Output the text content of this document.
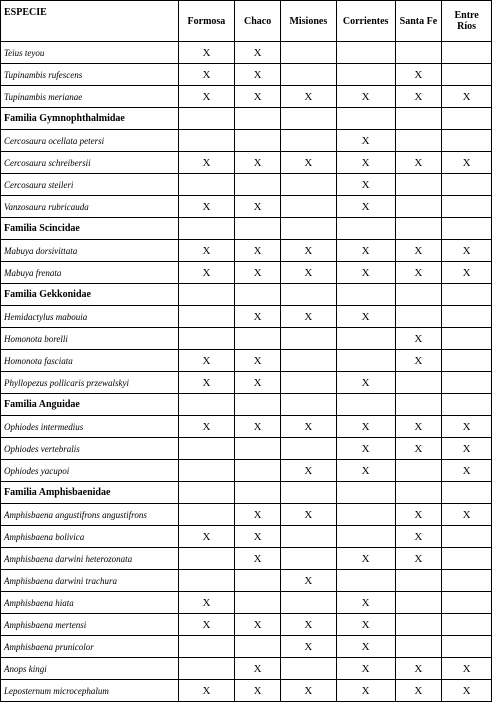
ESPECIE	Formosa	Chaco	Misiones	Corrientes	Santa Fe	Entre Ríos
Teius teyou	X	X				
Tupinambis rufescens	X	X			X	
Tupinambis merianae	X	X	X	X	X	X
Familia Gymnophthalmidae						
Cercosaura ocellata petersi				X		
Cercosaura schreibersii	X	X	X	X	X	X
Cercosaura steileri				X		
Vanzosaura rubricauda	X	X		X		
Familia Scincidae						
Mabuya dorsivittata	X	X	X	X	X	X
Mabuya frenata	X	X	X	X	X	X
Familia Gekkonidae						
Hemidactylus mabouia		X	X	X		
Homonota borelli					X	
Homonota fasciata	X	X			X	
Phyllopezus pollicaris przewalskyi	X	X		X		
Familia Anguidae						
Ophiodes intermedius	X	X	X	X	X	X
Ophiodes vertebralis				X	X	X
Ophiodes yacupoi			X	X		X
Familia Amphisbaenidae						
Amphisbaena angustifrons angustifrons		X	X		X	X
Amphisbaena bolivica	X	X			X	
Amphisbaena darwini heterozonata		X		X	X	
Amphisbaena darwini trachura			X			
Amphisbaena hiata	X			X		
Amphisbaena mertensi	X	X	X	X		
Amphisbaena prunicolor			X	X		
Anops kingi		X		X	X	X
Leposternum microcephalum	X	X	X	X	X	X
